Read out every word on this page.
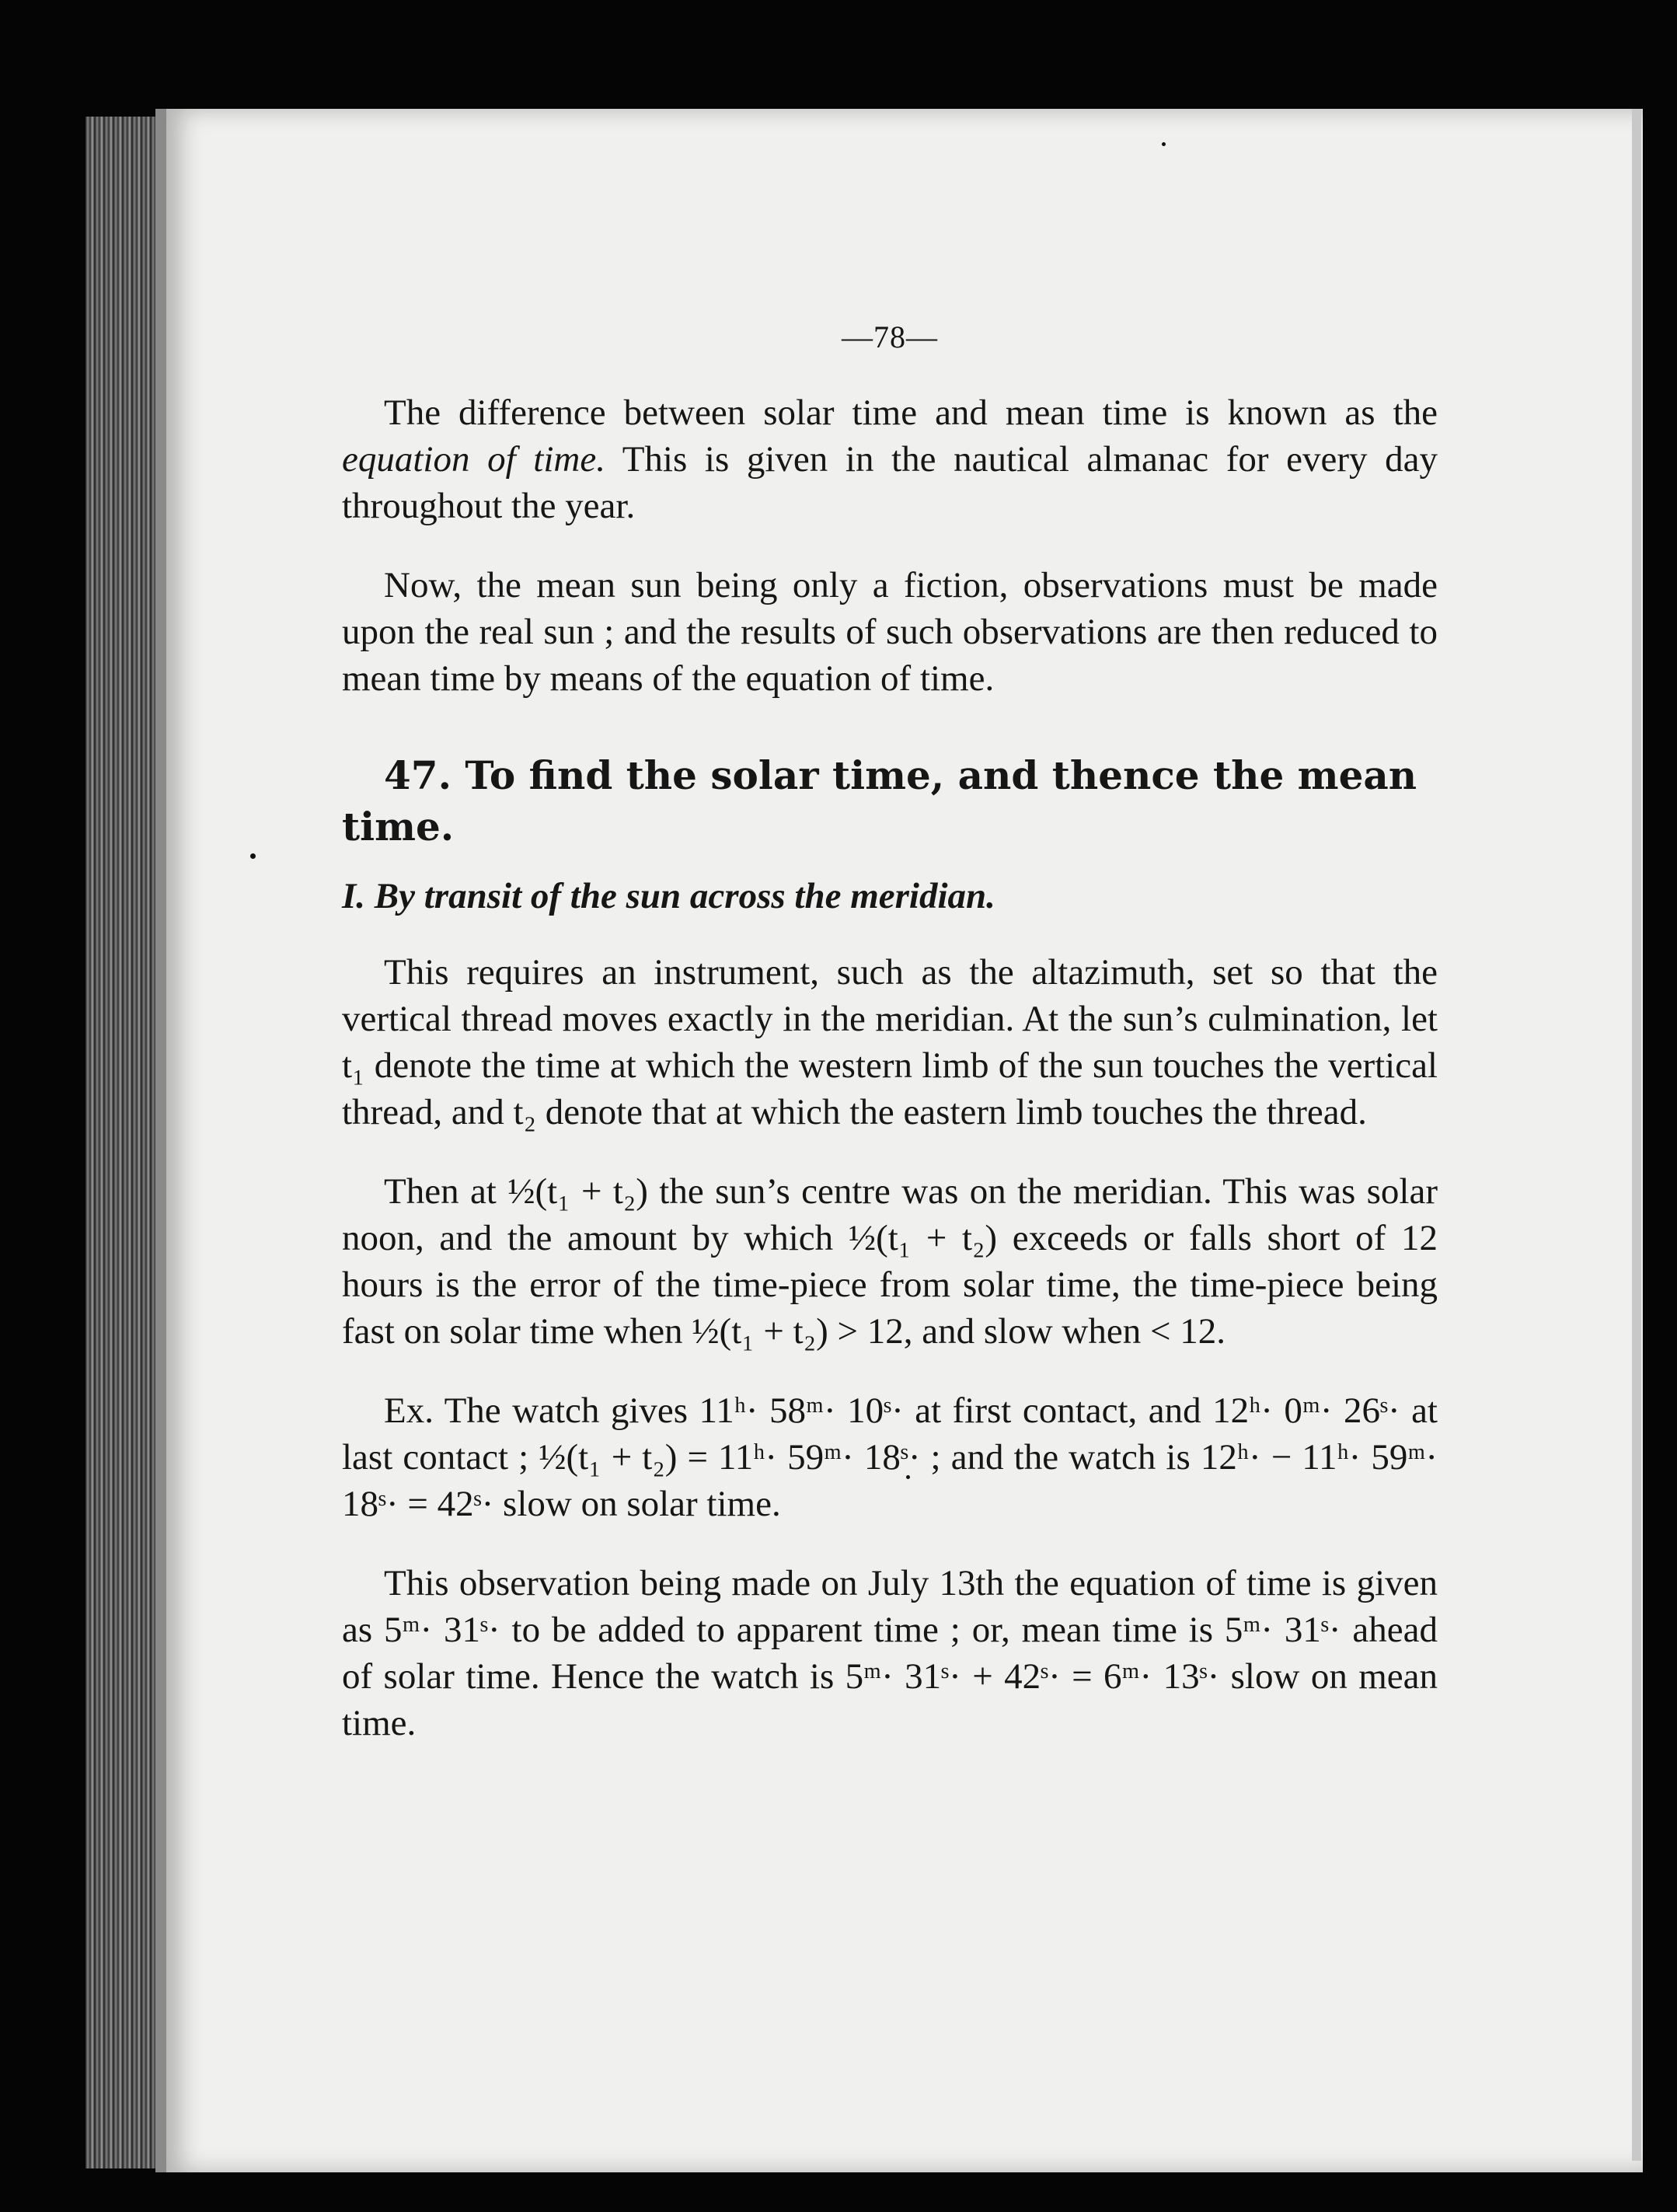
—78—

The difference between solar time and mean time is known as the equation of time. This is given in the nautical almanac for every day throughout the year.

Now, the mean sun being only a fiction, observations must be made upon the real sun ; and the results of such observations are then reduced to mean time by means of the equation of time.

47. To find the solar time, and thence the mean time.
I. By transit of the sun across the meridian.

This requires an instrument, such as the altazimuth, set so that the vertical thread moves exactly in the meridian. At the sun’s culmination, let t₁ denote the time at which the western limb of the sun touches the vertical thread, and t₂ denote that at which the eastern limb touches the thread.

Then at ½(t₁ + t₂) the sun’s centre was on the meridian. This was solar noon, and the amount by which ½(t₁ + t₂) exceeds or falls short of 12 hours is the error of the time-piece from solar time, the time-piece being fast on solar time when ½(t₁ + t₂) > 12, and slow when < 12.

Ex. The watch gives 11ʰ· 58ᵐ· 10ˢ· at first contact, and 12ʰ· 0ᵐ· 26ˢ· at last contact ; ½(t₁ + t₂) = 11ʰ· 59ᵐ· 18ˢ· ; and the watch is 12ʰ· − 11ʰ· 59ᵐ· 18ˢ· = 42ˢ· slow on solar time.

This observation being made on July 13th the equation of time is given as 5ᵐ· 31ˢ· to be added to apparent time ; or, mean time is 5ᵐ· 31ˢ· ahead of solar time. Hence the watch is 5ᵐ· 31ˢ· + 42ˢ· = 6ᵐ· 13ˢ· slow on mean time.
